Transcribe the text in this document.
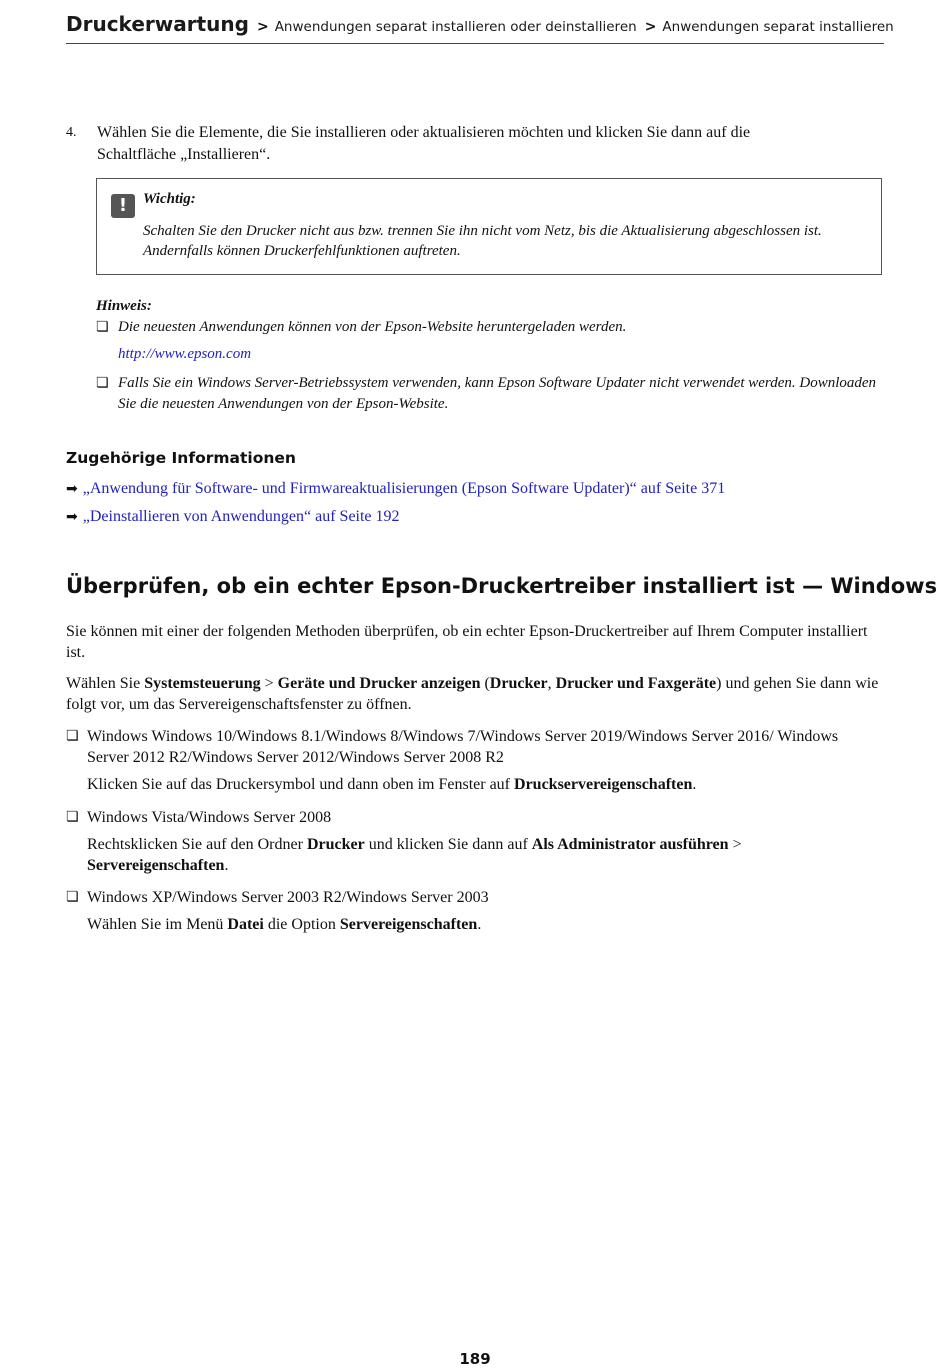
Druckerwartung > Anwendungen separat installieren oder deinstallieren > Anwendungen separat installieren
4. Wählen Sie die Elemente, die Sie installieren oder aktualisieren möchten und klicken Sie dann auf die Schaltfläche „Installieren“.
!	Wichtig:
Schalten Sie den Drucker nicht aus bzw. trennen Sie ihn nicht vom Netz, bis die Aktualisierung abgeschlossen ist. Andernfalls können Druckerfehlfunktionen auftreten.
Hinweis:
❏ Die neuesten Anwendungen können von der Epson-Website heruntergeladen werden.
http://www.epson.com
❏ Falls Sie ein Windows Server-Betriebssystem verwenden, kann Epson Software Updater nicht verwendet werden. Downloaden Sie die neuesten Anwendungen von der Epson-Website.
Zugehörige Informationen
➡ „Anwendung für Software- und Firmwareaktualisierungen (Epson Software Updater)“ auf Seite 371
➡ „Deinstallieren von Anwendungen“ auf Seite 192
Überprüfen, ob ein echter Epson-Druckertreiber installiert ist — Windows
Sie können mit einer der folgenden Methoden überprüfen, ob ein echter Epson-Druckertreiber auf Ihrem Computer installiert ist.
Wählen Sie Systemsteuerung > Geräte und Drucker anzeigen (Drucker, Drucker und Faxgeräte) und gehen Sie dann wie folgt vor, um das Servereigenschaftsfenster zu öffnen.
❏ Windows Windows 10/Windows 8.1/Windows 8/Windows 7/Windows Server 2019/Windows Server 2016/ Windows Server 2012 R2/Windows Server 2012/Windows Server 2008 R2
Klicken Sie auf das Druckersymbol und dann oben im Fenster auf Druckservereigenschaften.
❏ Windows Vista/Windows Server 2008
Rechtsklicken Sie auf den Ordner Drucker und klicken Sie dann auf Als Administrator ausführen > Servereigenschaften.
❏ Windows XP/Windows Server 2003 R2/Windows Server 2003
Wählen Sie im Menü Datei die Option Servereigenschaften.
189
